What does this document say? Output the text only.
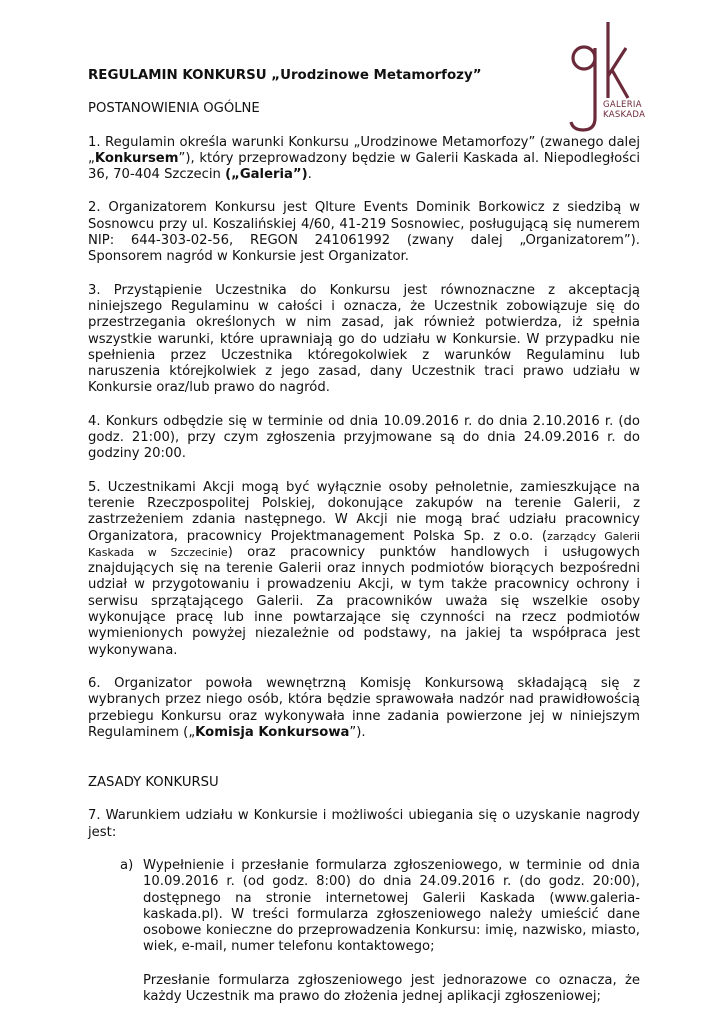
GALERIA
KASKADA

REGULAMIN KONKURSU „Urodzinowe Metamorfozy”

POSTANOWIENIA OGÓLNE

1. Regulamin określa warunki Konkursu „Urodzinowe Metamorfozy” (zwanego dalej „Konkursem”), który przeprowadzony będzie w Galerii Kaskada al. Niepodległości 36, 70-404 Szczecin („Galeria”).

2. Organizatorem Konkursu jest Qlture Events Dominik Borkowicz z siedzibą w Sosnowcu przy ul. Koszalińskiej 4/60, 41-219 Sosnowiec, posługującą się numerem NIP: 644-303-02-56, REGON 241061992 (zwany dalej „Organizatorem”). Sponsorem nagród w Konkursie jest Organizator.

3. Przystąpienie Uczestnika do Konkursu jest równoznaczne z akceptacją niniejszego Regulaminu w całości i oznacza, że Uczestnik zobowiązuje się do przestrzegania określonych w nim zasad, jak również potwierdza, iż spełnia wszystkie warunki, które uprawniają go do udziału w Konkursie. W przypadku nie spełnienia przez Uczestnika któregokolwiek z warunków Regulaminu lub naruszenia którejkolwiek z jego zasad, dany Uczestnik traci prawo udziału w Konkursie oraz/lub prawo do nagród.

4. Konkurs odbędzie się w terminie od dnia 10.09.2016 r. do dnia 2.10.2016 r. (do godz. 21:00), przy czym zgłoszenia przyjmowane są do dnia 24.09.2016 r. do godziny 20:00.

5. Uczestnikami Akcji mogą być wyłącznie osoby pełnoletnie, zamieszkujące na terenie Rzeczpospolitej Polskiej, dokonujące zakupów na terenie Galerii, z zastrzeżeniem zdania następnego. W Akcji nie mogą brać udziału pracownicy Organizatora, pracownicy Projektmanagement Polska Sp. z o.o. (zarządcy Galerii Kaskada w Szczecinie) oraz pracownicy punktów handlowych i usługowych znajdujących się na terenie Galerii oraz innych podmiotów biorących bezpośredni udział w przygotowaniu i prowadzeniu Akcji, w tym także pracownicy ochrony i serwisu sprzątającego Galerii. Za pracowników uważa się wszelkie osoby wykonujące pracę lub inne powtarzające się czynności na rzecz podmiotów wymienionych powyżej niezależnie od podstawy, na jakiej ta współpraca jest wykonywana.

6. Organizator powoła wewnętrzną Komisję Konkursową składającą się z wybranych przez niego osób, która będzie sprawowała nadzór nad prawidłowością przebiegu Konkursu oraz wykonywała inne zadania powierzone jej w niniejszym Regulaminem („Komisja Konkursowa”).

ZASADY KONKURSU

7. Warunkiem udziału w Konkursie i możliwości ubiegania się o uzyskanie nagrody jest:

a) Wypełnienie i przesłanie formularza zgłoszeniowego, w terminie od dnia 10.09.2016 r. (od godz. 8:00) do dnia 24.09.2016 r. (do godz. 20:00), dostępnego na stronie internetowej Galerii Kaskada (www.galeria-kaskada.pl). W treści formularza zgłoszeniowego należy umieścić dane osobowe konieczne do przeprowadzenia Konkursu: imię, nazwisko, miasto, wiek, e-mail, numer telefonu kontaktowego;

Przesłanie formularza zgłoszeniowego jest jednorazowe co oznacza, że każdy Uczestnik ma prawo do złożenia jednej aplikacji zgłoszeniowej;
